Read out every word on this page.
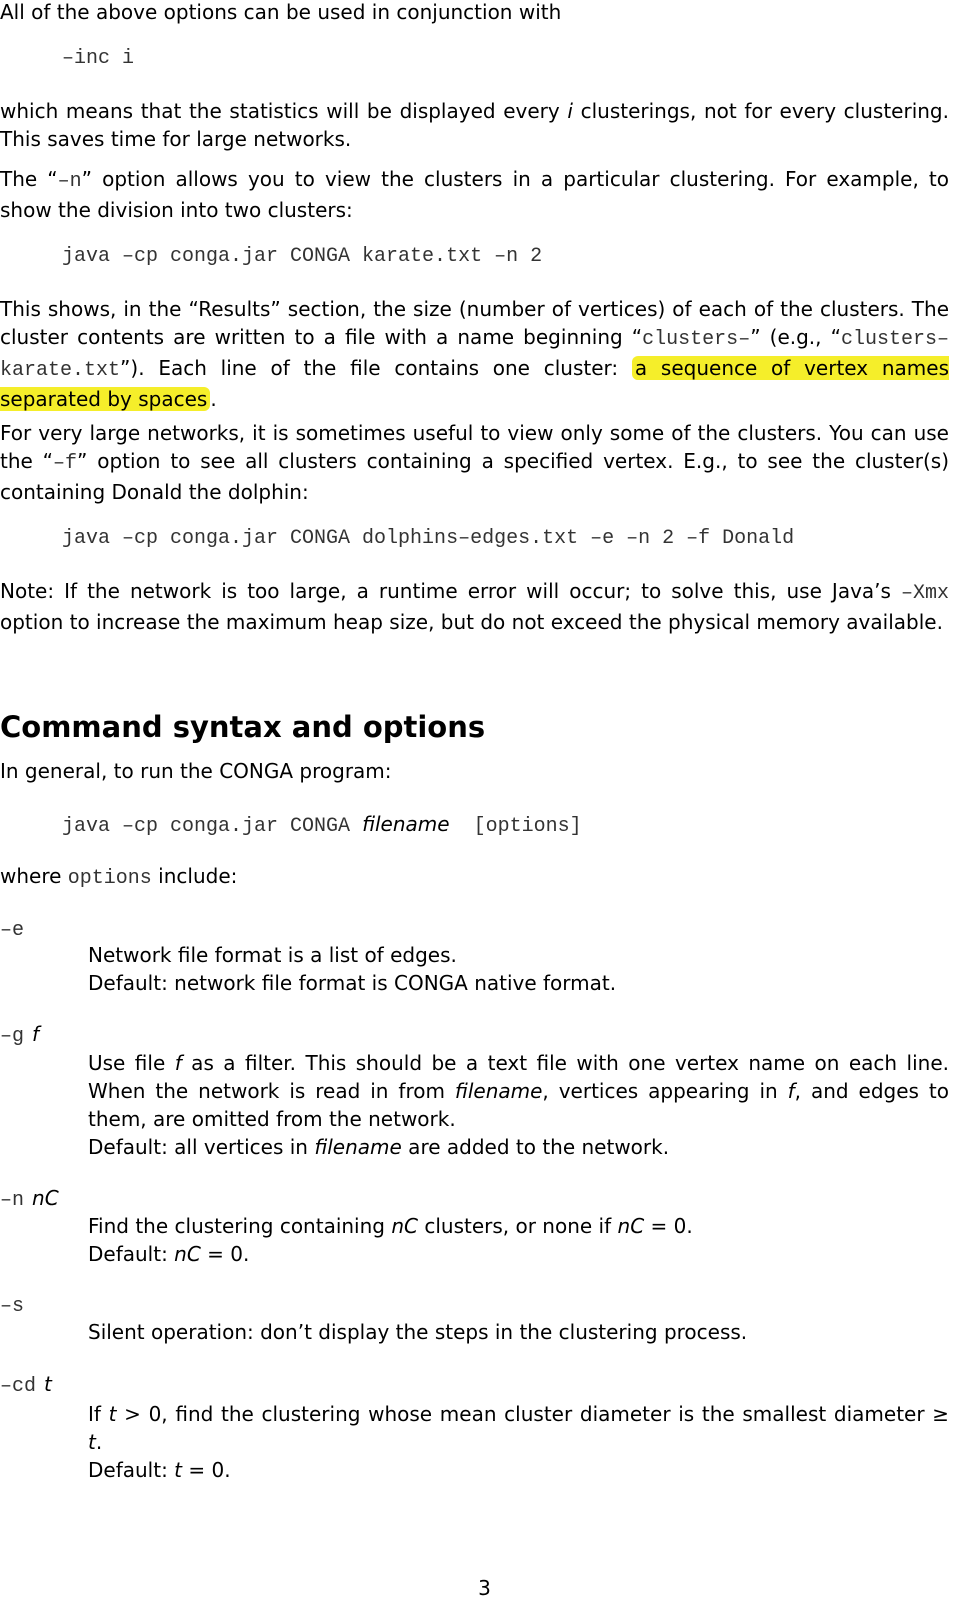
All of the above options can be used in conjunction with

–inc i

which means that the statistics will be displayed every i clusterings, not for every clustering. This saves time for large networks.

The “–n” option allows you to view the clusters in a particular clustering. For example, to show the division into two clusters:

java –cp conga.jar CONGA karate.txt –n 2

This shows, in the “Results” section, the size (number of vertices) of each of the clusters. The cluster contents are written to a file with a name beginning “clusters–” (e.g., “clusters–karate.txt”). Each line of the file contains one cluster: a sequence of vertex names separated by spaces .

For very large networks, it is sometimes useful to view only some of the clusters. You can use the “–f” option to see all clusters containing a specified vertex. E.g., to see the cluster(s) containing Donald the dolphin:

java –cp conga.jar CONGA dolphins–edges.txt –e –n 2 –f Donald

Note: If the network is too large, a runtime error will occur; to solve this, use Java’s –Xmx option to increase the maximum heap size, but do not exceed the physical memory available.

Command syntax and options

In general, to run the CONGA program:

java –cp conga.jar CONGA filename  [options]

where options include:

–e
Network file format is a list of edges.
Default: network file format is CONGA native format.
–g f
Use file f as a filter. This should be a text file with one vertex name on each line. When the network is read in from filename, vertices appearing in f, and edges to them, are omitted from the network.
Default: all vertices in filename are added to the network.
–n nC
Find the clustering containing nC clusters, or none if nC = 0.
Default: nC = 0.
–s
Silent operation: don’t display the steps in the clustering process.
–cd t
If t > 0, find the clustering whose mean cluster diameter is the smallest diameter ≥ t.
Default: t = 0.
3
